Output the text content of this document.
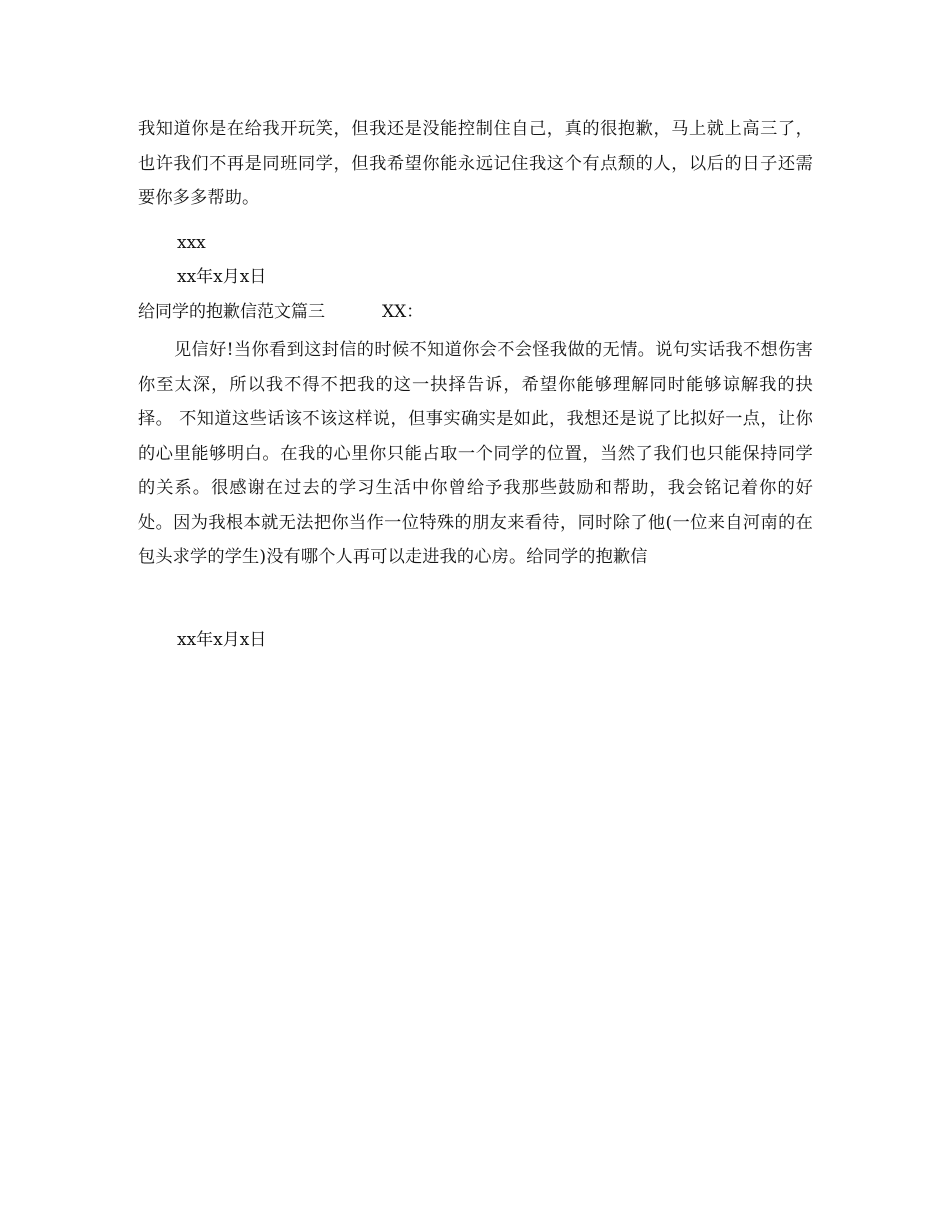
我知道你是在给我开玩笑，但我还是没能控制住自己，真的很抱歉，马上就上高三了，也许我们不再是同班同学，但我希望你能永远记住我这个有点颓的人，以后的日子还需要你多多帮助。

xxx
xx年x月x日
给同学的抱歉信范文篇三	XX：

见信好!当你看到这封信的时候不知道你会不会怪我做的无情。说句实话我不想伤害你至太深，所以我不得不把我的这一抉择告诉，希望你能够理解同时能够谅解我的抉择。 不知道这些话该不该这样说，但事实确实是如此，我想还是说了比拟好一点，让你的心里能够明白。在我的心里你只能占取一个同学的位置，当然了我们也只能保持同学的关系。很感谢在过去的学习生活中你曾给予我那些鼓励和帮助，我会铭记着你的好处。因为我根本就无法把你当作一位特殊的朋友来看待，同时除了他(一位来自河南的在包头求学的学生)没有哪个人再可以走进我的心房。给同学的抱歉信

xx年x月x日
